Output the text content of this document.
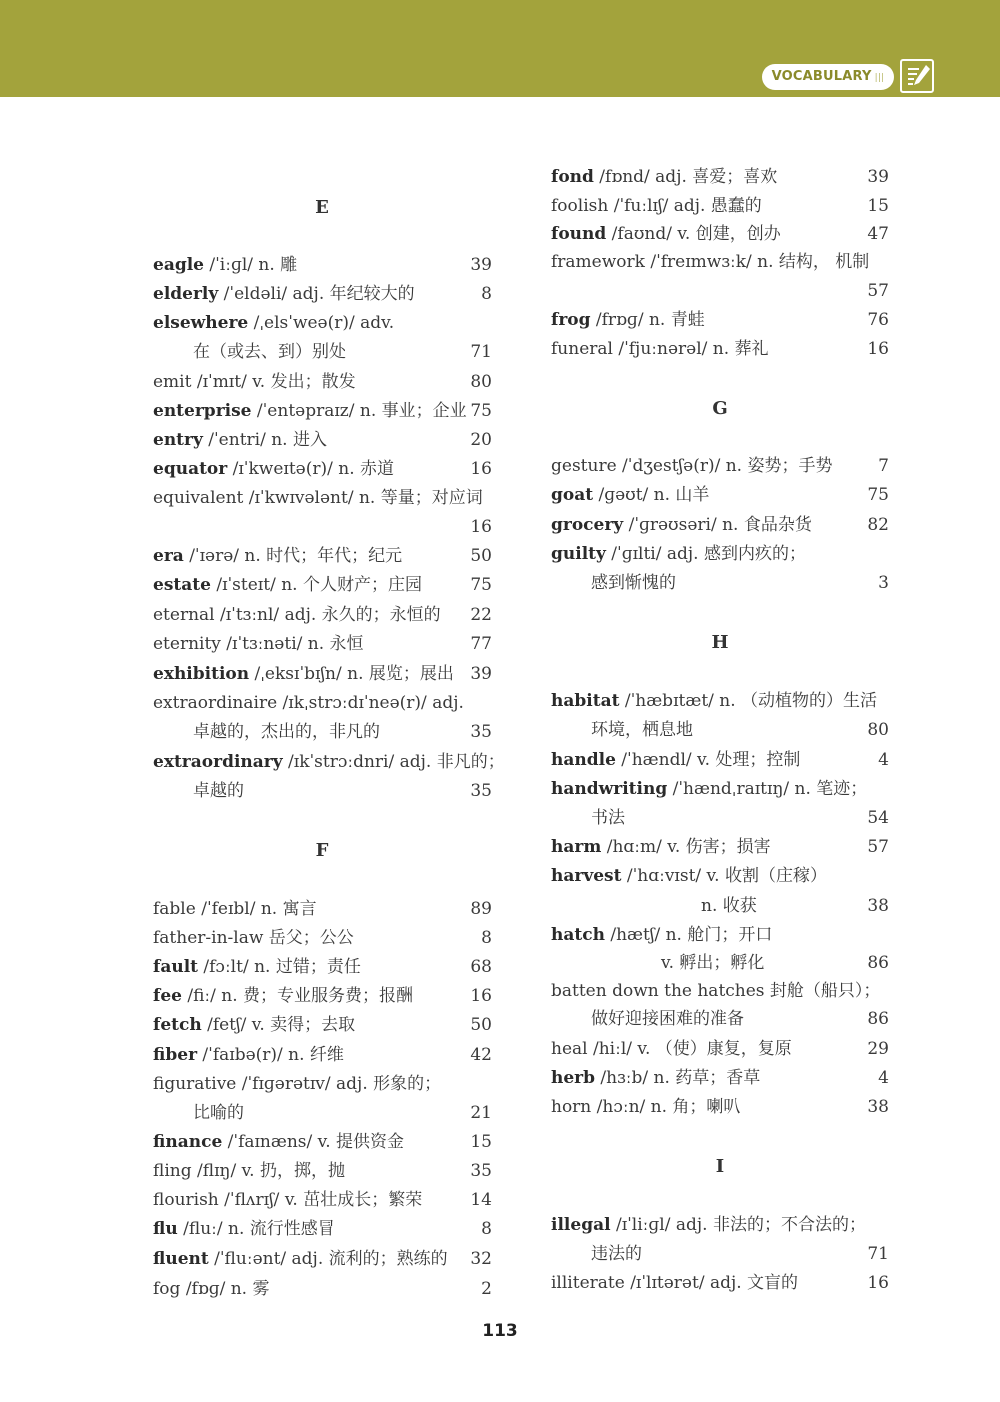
VOCABULARY |||
E
F
G
H
I
eagle /ˈiːɡl/ n. 雕	39
elderly /ˈeldəli/ adj. 年纪较大的	8
elsewhere /ˌelsˈweə(r)/ adv.
在（或去、到）别处	71
emit /ɪˈmɪt/ v. 发出；散发	80
enterprise /ˈentəpraɪz/ n. 事业；企业 75
entry /ˈentri/ n. 进入	20
equator /ɪˈkweɪtə(r)/ n. 赤道	16
equivalent /ɪˈkwɪvələnt/ n. 等量；对应词
16
era /ˈɪərə/ n. 时代；年代；纪元	50
estate /ɪˈsteɪt/ n. 个人财产；庄园	75
eternal /ɪˈtɜːnl/ adj. 永久的；永恒的	22
eternity /ɪˈtɜːnəti/ n. 永恒	77
exhibition /ˌeksɪˈbɪʃn/ n. 展览；展出 39
extraordinaire /ɪkˌstrɔːdɪˈneə(r)/ adj.
卓越的，杰出的，非凡的	35
extraordinary /ɪkˈstrɔːdnri/ adj. 非凡的；
卓越的	35
fable /ˈfeɪbl/ n. 寓言	89
father-in-law 岳父；公公	8
fault /fɔːlt/ n. 过错；责任	68
fee /fiː/ n. 费；专业服务费；报酬	16
fetch /fetʃ/ v. 卖得；去取	50
fiber /ˈfaɪbə(r)/ n. 纤维	42
figurative /ˈfɪɡərətɪv/ adj. 形象的；
比喻的	21
finance /ˈfaɪnæns/ v. 提供资金	15
fling /flɪŋ/ v. 扔，掷，抛	35
flourish /ˈflʌrɪʃ/ v. 茁壮成长；繁荣	14
flu /fluː/ n. 流行性感冒	8
fluent /ˈfluːənt/ adj. 流利的；熟练的	32
fog /fɒɡ/ n. 雾	2
fond /fɒnd/ adj. 喜爱；喜欢	39
foolish /ˈfuːlɪʃ/ adj. 愚蠢的	15
found /faʊnd/ v. 创建，创办	47
framework /ˈfreɪmwɜːk/ n. 结构， 机制
57
frog /frɒɡ/ n. 青蛙	76
funeral /ˈfjuːnərəl/ n. 葬礼	16
gesture /ˈdʒestʃə(r)/ n. 姿势；手势	7
goat /ɡəʊt/ n. 山羊	75
grocery /ˈɡrəʊsəri/ n. 食品杂货	82
guilty /ˈɡɪlti/ adj. 感到内疚的；
感到惭愧的	3
habitat /ˈhæbɪtæt/ n. （动植物的）生活
环境，栖息地	80
handle /ˈhændl/ v. 处理；控制	4
handwriting /ˈhændˌraɪtɪŋ/ n. 笔迹；
书法	54
harm /hɑːm/ v. 伤害；损害	57
harvest /ˈhɑːvɪst/ v. 收割（庄稼）
n. 收获	38
hatch /hætʃ/ n. 舱门；开口
v. 孵出；孵化	86
batten down the hatches 封舱（船只）；
做好迎接困难的准备	86
heal /hiːl/ v. （使）康复，复原	29
herb /hɜːb/ n. 药草；香草	4
horn /hɔːn/ n. 角；喇叭	38
illegal /ɪˈliːɡl/ adj. 非法的；不合法的；
违法的	71
illiterate /ɪˈlɪtərət/ adj. 文盲的	16
113
